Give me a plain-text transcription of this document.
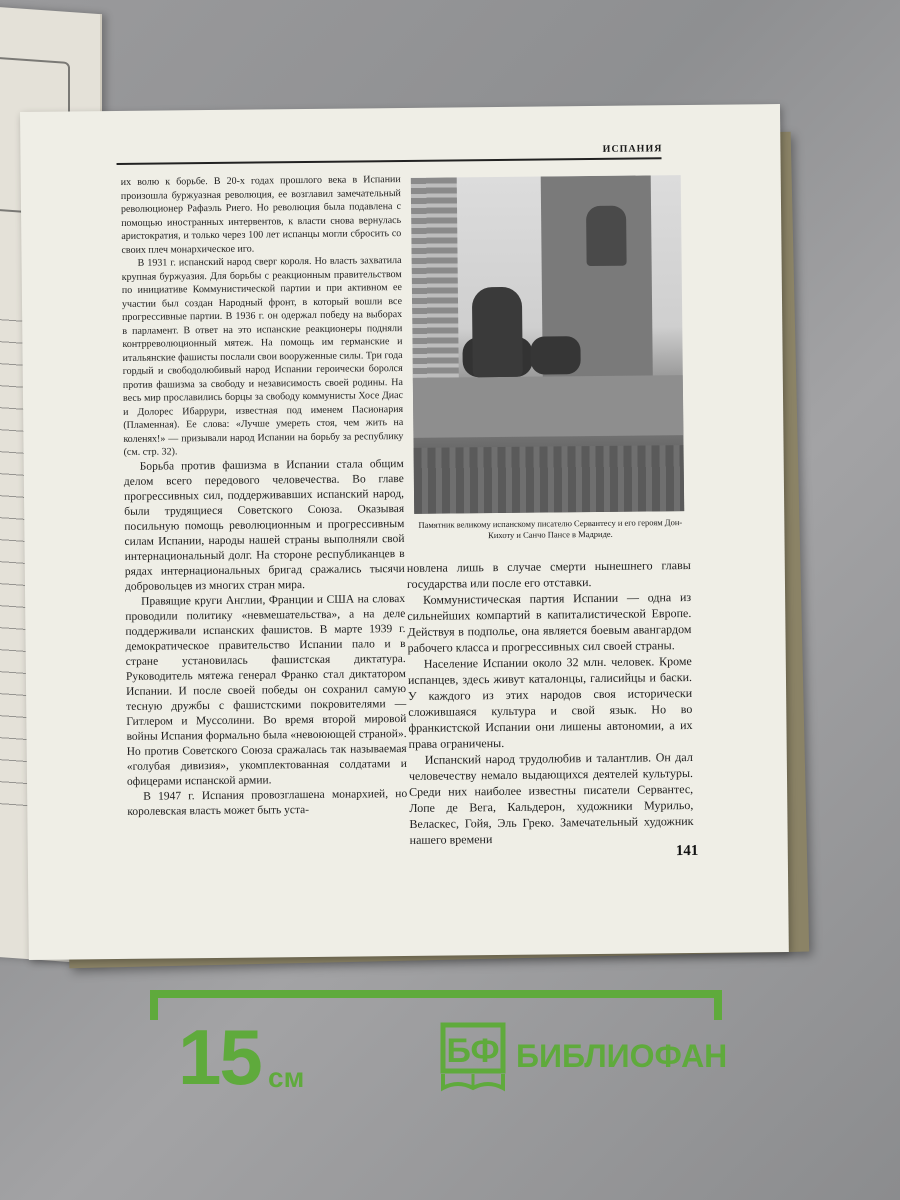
ИСПАНИЯ

их волю к борьбе. В 20-х годах прошлого века в Испании произошла буржуазная революция, ее возглавил замечательный революционер Рафаэль Риего. Но революция была подавлена с помощью иностранных интервентов, к власти снова вернулась аристократия, и только через 100 лет испанцы могли сбросить со своих плеч монархическое иго.

В 1931 г. испанский народ сверг короля. Но власть захватила крупная буржуазия. Для борьбы с реакционным правительством по инициативе Коммунистической партии и при активном ее участии был создан Народный фронт, в который вошли все прогрессивные партии. В 1936 г. он одержал победу на выборах в парламент. В ответ на это испанские реакционеры подняли контрреволюционный мятеж. На помощь им германские и итальянские фашисты послали свои вооруженные силы. Три года гордый и свободолюбивый народ Испании героически боролся против фашизма за свободу и независимость своей родины. На весь мир прославились борцы за свободу коммунисты Хосе Диас и Долорес Ибаррури, известная под именем Пасионария (Пламенная). Ее слова: «Лучше умереть стоя, чем жить на коленях!» — призывали народ Испании на борьбу за республику (см. стр. 32).

Борьба против фашизма в Испании стала общим делом всего передового человечества. Во главе прогрессивных сил, поддерживавших испанский народ, были трудящиеся Советского Союза. Оказывая посильную помощь революционным и прогрессивным силам Испании, народы нашей страны выполняли свой интернациональный долг. На стороне республиканцев в рядах интернациональных бригад сражались тысячи добровольцев из многих стран мира.

Правящие круги Англии, Франции и США на словах проводили политику «невмешательства», а на деле поддерживали испанских фашистов. В марте 1939 г. демократическое правительство Испании пало и в стране установилась фашистская диктатура. Руководитель мятежа генерал Франко стал диктатором Испании. И после своей победы он сохранил самую тесную дружбы с фашистскими покровителями — Гитлером и Муссолини. Во время второй мировой войны Испания формально была «невоюющей страной». Но против Советского Союза сражалась так называемая «голубая дивизия», укомплектованная солдатами и офицерами испанской армии.

В 1947 г. Испания провозглашена монархией, но королевская власть может быть уста-

Памятник великому испанскому писателю Сервантесу и его героям Дон-Кихоту и Санчо Пансе в Мадриде.

новлена лишь в случае смерти нынешнего главы государства или после его отставки.

Коммунистическая партия Испании — одна из сильнейших компартий в капиталистической Европе. Действуя в подполье, она является боевым авангардом рабочего класса и прогрессивных сил своей страны.

Население Испании около 32 млн. человек. Кроме испанцев, здесь живут каталонцы, галисийцы и баски. У каждого из этих народов своя исторически сложившаяся культура и свой язык. Но во франкистской Испании они лишены автономии, а их права ограничены.

Испанский народ трудолюбив и талантлив. Он дал человечеству немало выдающихся деятелей культуры. Среди них наиболее известны писатели Сервантес, Лопе де Вега, Кальдерон, художники Мурильо, Веласкес, Гойя, Эль Греко. Замечательный художник нашего времени

141
15 см
БФ БИБЛИОФАН
